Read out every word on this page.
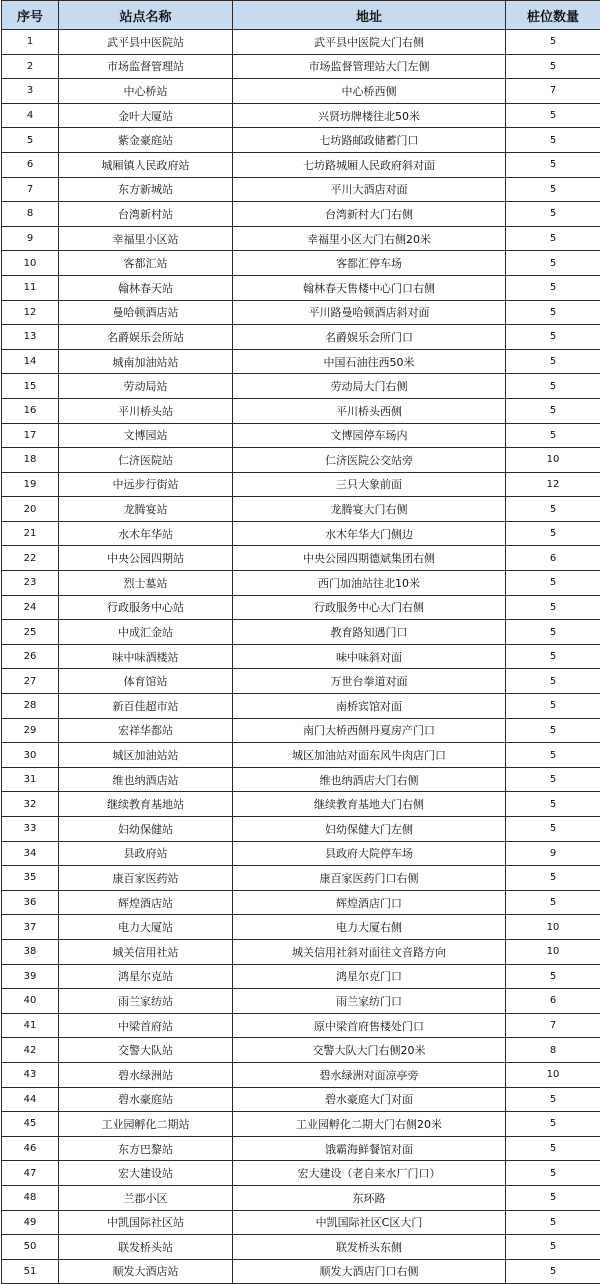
序号	站点名称	地址	桩位数量
1	武平县中医院站	武平县中医院大门右侧	5
2	市场监督管理站	市场监督管理站大门左侧	5
3	中心桥站	中心桥西侧	7
4	金叶大厦站	兴贤坊牌楼往北50米	5
5	紫金豪庭站	七坊路邮政储蓄门口	5
6	城厢镇人民政府站	七坊路城厢人民政府斜对面	5
7	东方新城站	平川大酒店对面	5
8	台湾新村站	台湾新村大门右侧	5
9	幸福里小区站	幸福里小区大门右侧20米	5
10	客都汇站	客都汇停车场	5
11	翰林春天站	翰林春天售楼中心门口右侧	5
12	曼哈顿酒店站	平川路曼哈顿酒店斜对面	5
13	名爵娱乐会所站	名爵娱乐会所门口	5
14	城南加油站站	中国石油往西50米	5
15	劳动局站	劳动局大门右侧	5
16	平川桥头站	平川桥头西侧	5
17	文博园站	文博园停车场内	5
18	仁济医院站	仁济医院公交站旁	10
19	中远步行街站	三只大象前面	12
20	龙腾宴站	龙腾宴大门右侧	5
21	水木年华站	水木年华大门侧边	5
22	中央公园四期站	中央公园四期德斌集团右侧	6
23	烈士墓站	西门加油站往北10米	5
24	行政服务中心站	行政服务中心大门右侧	5
25	中成汇金站	教育路知遇门口	5
26	味中味酒楼站	味中味斜对面	5
27	体育馆站	万世台拳道对面	5
28	新百佳超市站	南桥宾馆对面	5
29	宏祥华都站	南门大桥西侧丹夏房产门口	5
30	城区加油站站	城区加油站对面东风牛肉店门口	5
31	维也纳酒店站	维也纳酒店大门右侧	5
32	继续教育基地站	继续教育基地大门右侧	5
33	妇幼保健站	妇幼保健大门左侧	5
34	县政府站	县政府大院停车场	9
35	康百家医药站	康百家医药门口右侧	5
36	辉煌酒店站	辉煌酒店门口	5
37	电力大厦站	电力大厦右侧	10
38	城关信用社站	城关信用社斜对面往文音路方向	10
39	鸿星尔克站	鸿星尔克门口	5
40	雨兰家纺站	雨兰家纺门口	6
41	中梁首府站	原中梁首府售楼处门口	7
42	交警大队站	交警大队大门右侧20米	8
43	碧水绿洲站	碧水绿洲对面凉亭旁	10
44	碧水豪庭站	碧水豪庭大门对面	5
45	工业园孵化二期站	工业园孵化二期大门右侧20米	5
46	东方巴黎站	饿霸海鲜餐馆对面	5
47	宏大建设站	宏大建设（老自来水厂门口）	5
48	兰郡小区	东环路	5
49	中凯国际社区站	中凯国际社区C区大门	5
50	联发桥头站	联发桥头东侧	5
51	顺发大酒店站	顺发大酒店门口右侧	5
